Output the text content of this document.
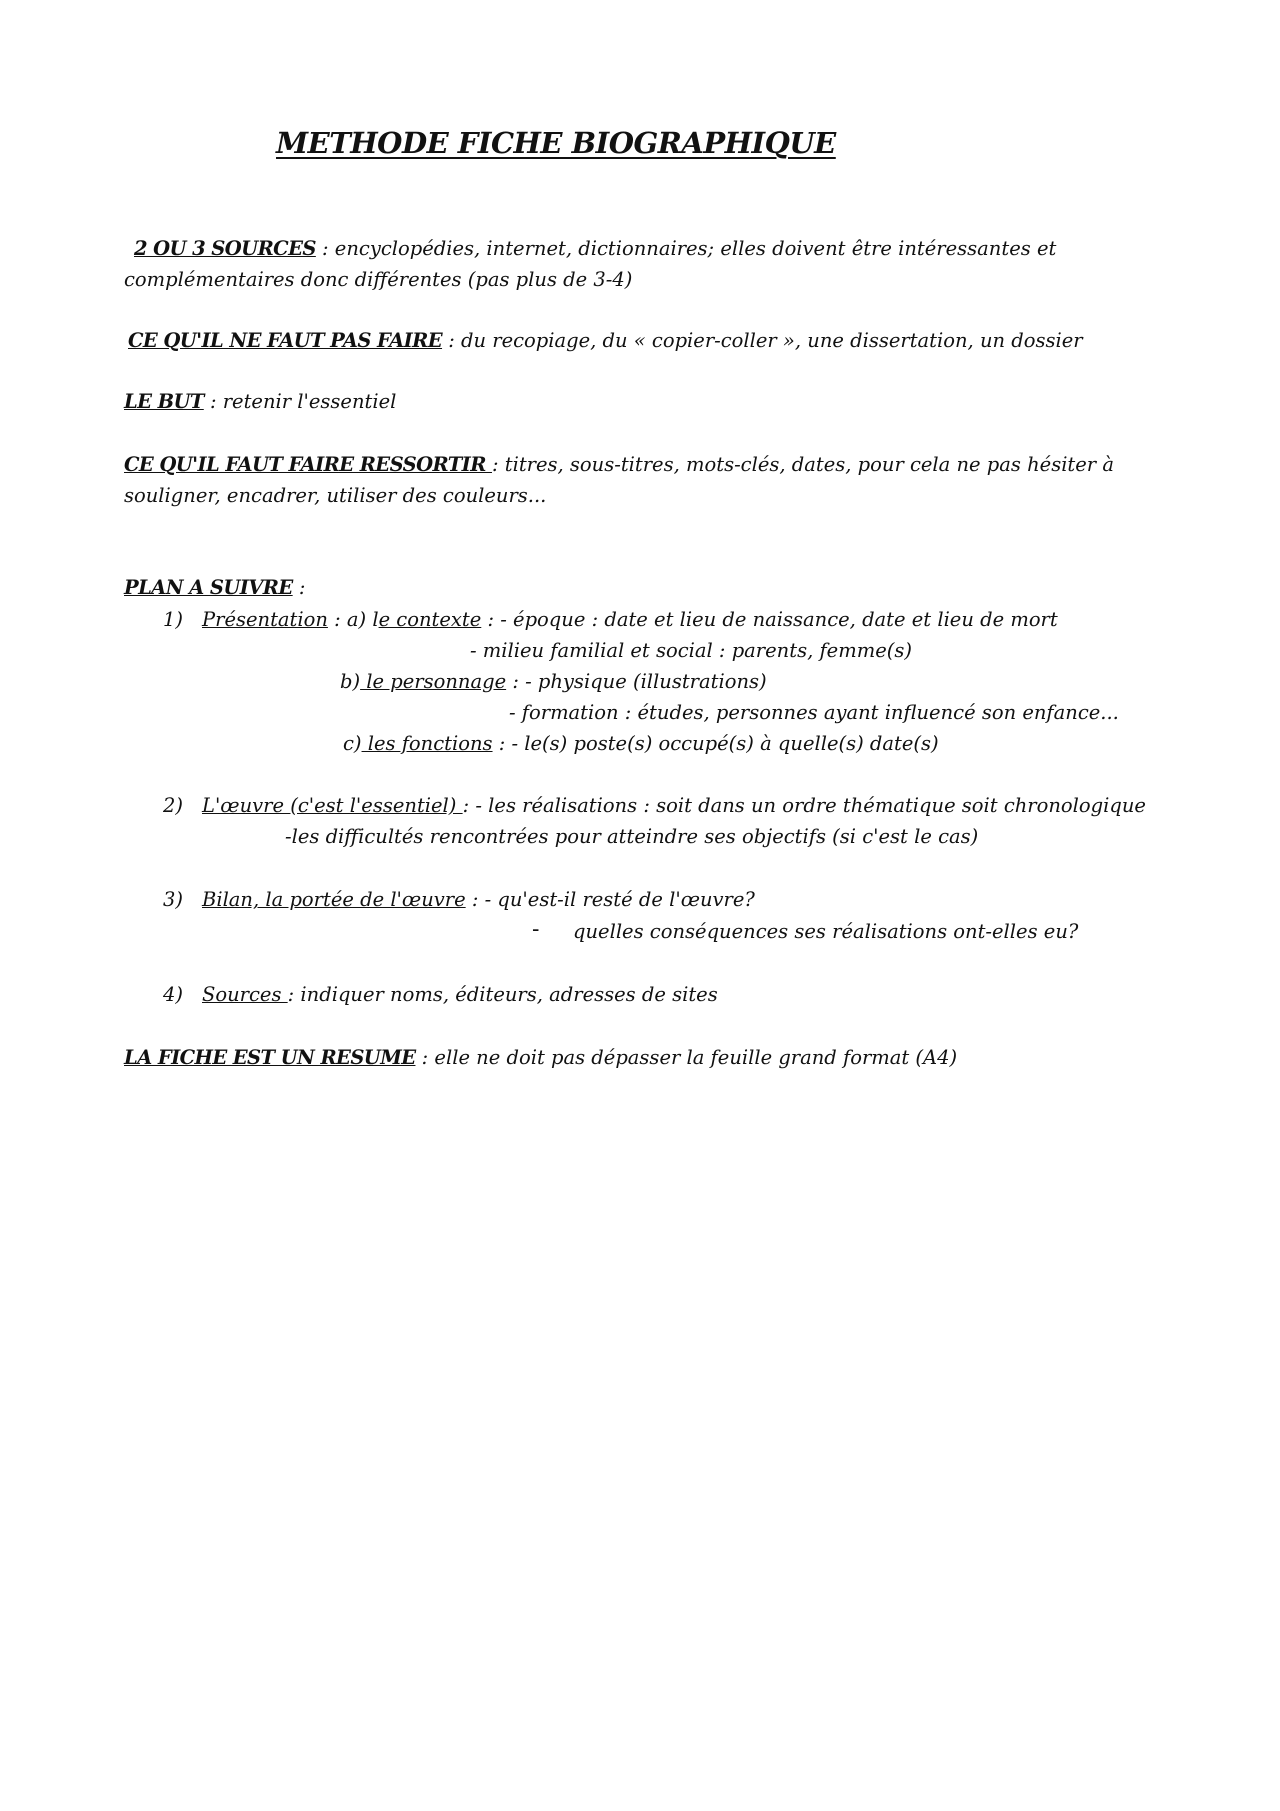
METHODE FICHE BIOGRAPHIQUE
2 OU 3 SOURCES : encyclopédies, internet, dictionnaires; elles doivent être intéressantes et complémentaires donc différentes (pas plus de 3-4)
CE QU'IL NE FAUT PAS FAIRE : du recopiage, du « copier-coller », une dissertation, un dossier
LE BUT : retenir l'essentiel
CE QU'IL FAUT FAIRE RESSORTIR : titres, sous-titres, mots-clés, dates, pour cela ne pas hésiter à souligner, encadrer, utiliser des couleurs...
PLAN A SUIVRE :
1) Présentation : a) le contexte : - époque : date et lieu de naissance, date et lieu de mort
- milieu familial et social : parents, femme(s)
b) le personnage : - physique (illustrations)
- formation : études, personnes ayant influencé son enfance...
c) les fonctions : - le(s) poste(s) occupé(s) à quelle(s) date(s)
2) L'œuvre (c'est l'essentiel) : - les réalisations : soit dans un ordre thématique soit chronologique
-les difficultés rencontrées pour atteindre ses objectifs (si c'est le cas)
3) Bilan, la portée de l'œuvre : - qu'est-il resté de l'œuvre?
- quelles conséquences ses réalisations ont-elles eu?
4) Sources : indiquer noms, éditeurs, adresses de sites
LA FICHE EST UN RESUME : elle ne doit pas dépasser la feuille grand format (A4)
